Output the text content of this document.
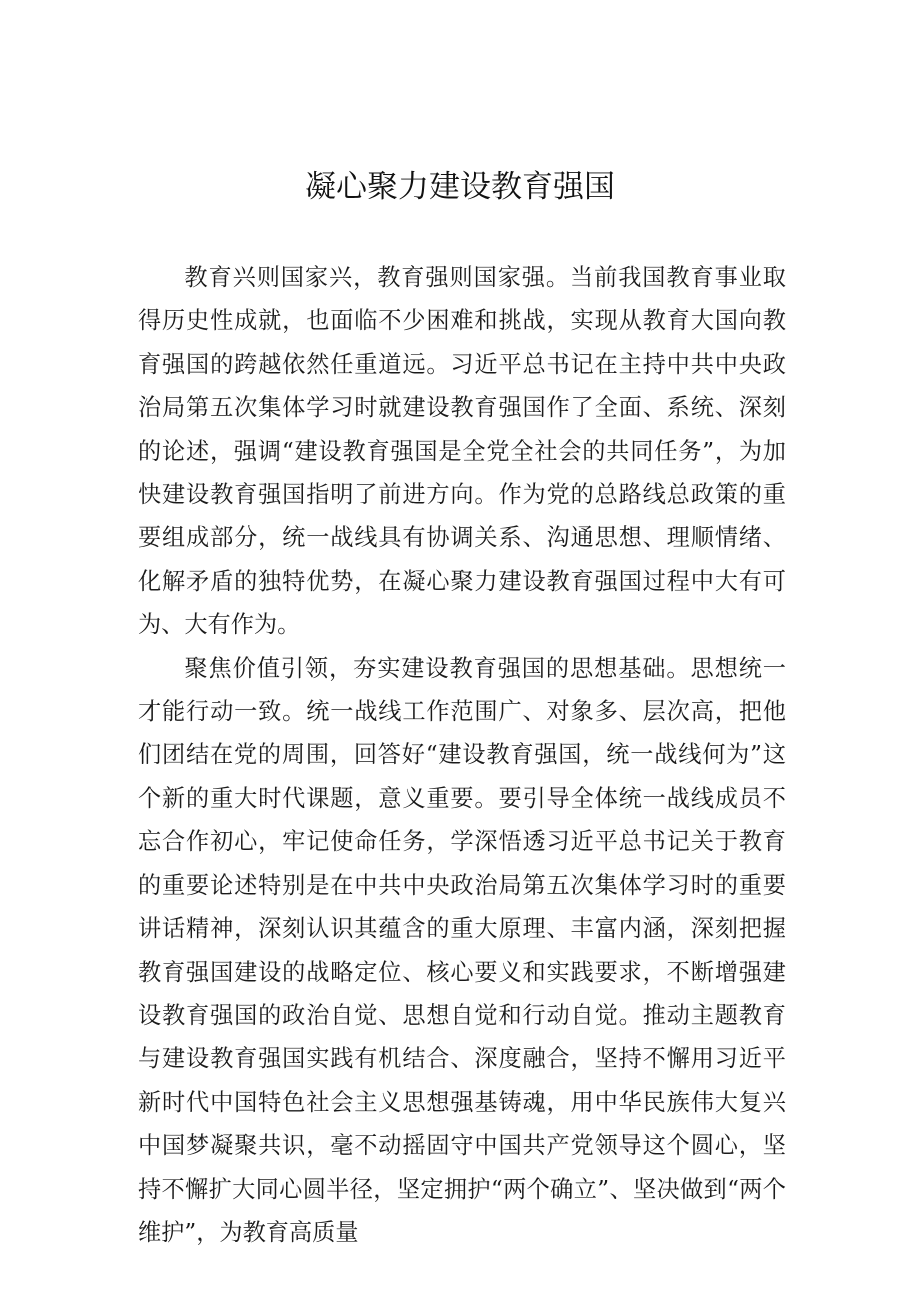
凝心聚力建设教育强国

教育兴则国家兴，教育强则国家强。当前我国教育事业取得历史性成就，也面临不少困难和挑战，实现从教育大国向教育强国的跨越依然任重道远。习近平总书记在主持中共中央政治局第五次集体学习时就建设教育强国作了全面、系统、深刻的论述，强调“建设教育强国是全党全社会的共同任务”，为加快建设教育强国指明了前进方向。作为党的总路线总政策的重要组成部分，统一战线具有协调关系、沟通思想、理顺情绪、化解矛盾的独特优势，在凝心聚力建设教育强国过程中大有可为、大有作为。

聚焦价值引领，夯实建设教育强国的思想基础。思想统一才能行动一致。统一战线工作范围广、对象多、层次高，把他们团结在党的周围，回答好“建设教育强国，统一战线何为”这个新的重大时代课题，意义重要。要引导全体统一战线成员不忘合作初心，牢记使命任务，学深悟透习近平总书记关于教育的重要论述特别是在中共中央政治局第五次集体学习时的重要讲话精神，深刻认识其蕴含的重大原理、丰富内涵，深刻把握教育强国建设的战略定位、核心要义和实践要求，不断增强建设教育强国的政治自觉、思想自觉和行动自觉。推动主题教育与建设教育强国实践有机结合、深度融合，坚持不懈用习近平新时代中国特色社会主义思想强基铸魂，用中华民族伟大复兴中国梦凝聚共识，毫不动摇固守中国共产党领导这个圆心，坚持不懈扩大同心圆半径，坚定拥护“两个确立”、坚决做到“两个维护”，为教育高质量
